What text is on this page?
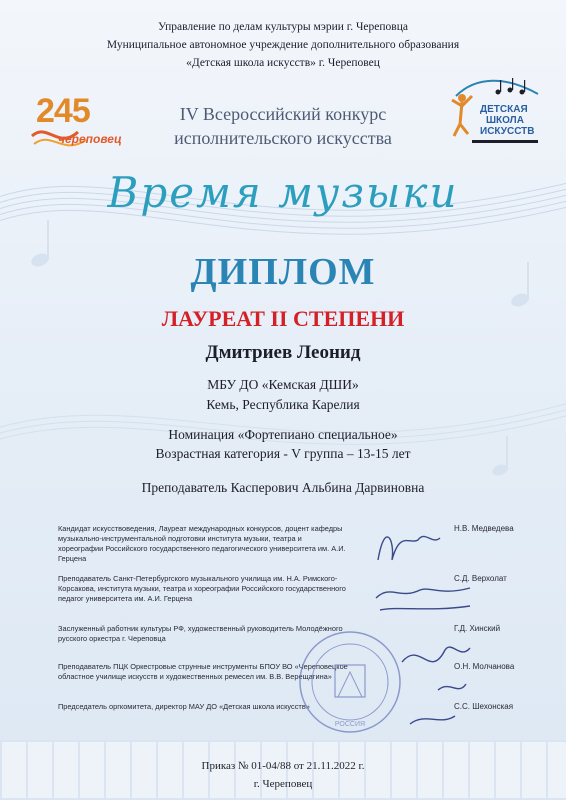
Управление по делам культуры мэрии г. Череповца
Муниципальное автономное учреждение дополнительного образования
«Детская школа искусств» г. Череповец
245
череповец
ДЕТСКАЯ
ШКОЛА
ИСКУССТВ
IV Всероссийский конкурс
исполнительского искусства
Время музыки
ДИПЛОМ
ЛАУРЕАТ II СТЕПЕНИ
Дмитриев Леонид
МБУ ДО «Кемская ДШИ»
Кемь, Республика Карелия
Номинация «Фортепиано специальное»
Возрастная категория - V группа – 13-15 лет
Преподаватель Касперович Альбина Дарвиновна
Кандидат искусствоведения, Лауреат международных конкурсов, доцент кафедры музыкально-инструментальной подготовки института музыки, театра и хореографии Российского государственного педагогического университета им. А.И. Герцена
Н.В. Медведева
Преподаватель Санкт-Петербургского музыкального училища им. Н.А. Римского-Корсакова, института музыки, театра и хореографии Российского государственного педагог университета им. А.И. Герцена
С.Д. Верхолат
Заслуженный работник культуры РФ, художественный руководитель Молодёжного русского оркестра г. Череповца
Г.Д. Хинский
Преподаватель ПЦК Оркестровые струнные инструменты БПОУ ВО «Череповецкое областное училище искусств и художественных ремесел им. В.В. Верещагина»
О.Н. Молчанова
Председатель оргкомитета, директор МАУ ДО «Детская школа искусств»	С.С. Шехонская
РОССИЯ
Приказ № 01-04/88 от 21.11.2022 г.
г. Череповец
